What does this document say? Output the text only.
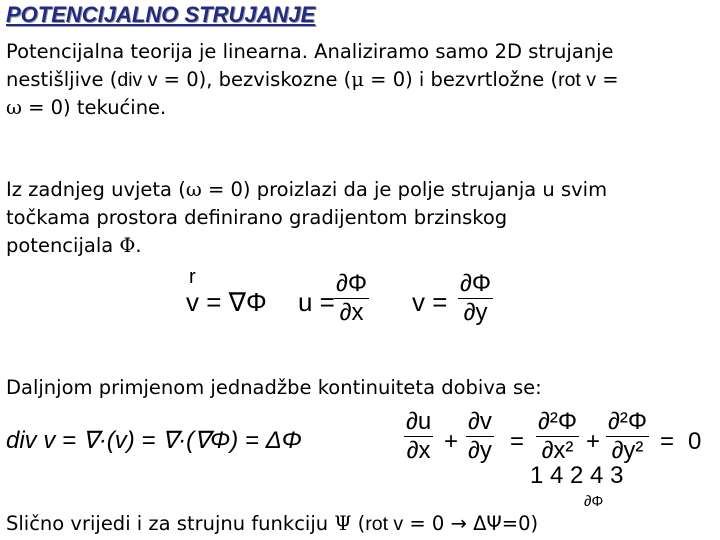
POTENCIJALNO STRUJANJE
Potencijalna teorija je linearna. Analiziramo samo 2D strujanje
nestišljive (div v = 0), bezviskozne (μ = 0) i bezvrtložne (rot v =
ω = 0) tekućine.
Iz zadnjeg uvjeta (ω = 0) proizlazi da je polje strujanja u svim
točkama prostora definirano gradijentom brzinskog
potencijala Φ.
r
v = ∇Φ $u = \frac{\partial\Phi}{\partial x}$ $v = \frac{\partial\Phi}{\partial y}$
Daljnjom primjenom jednadžbe kontinuiteta dobiva se:
div v = ∇·(v) = ∇·(∇Φ) = ΔΦ	$\frac{\partial u}{\partial x} + \frac{\partial v}{\partial y} = \frac{\text{∂²Φ}}{\text{∂x²}} + \frac{\text{∂²Φ}}{\text{∂y²}} = 0$
1 4 2 4 3
∂Φ
Slično vrijedi i za strujnu funkciju Ψ (rot v = 0 → ΔΨ=0)
